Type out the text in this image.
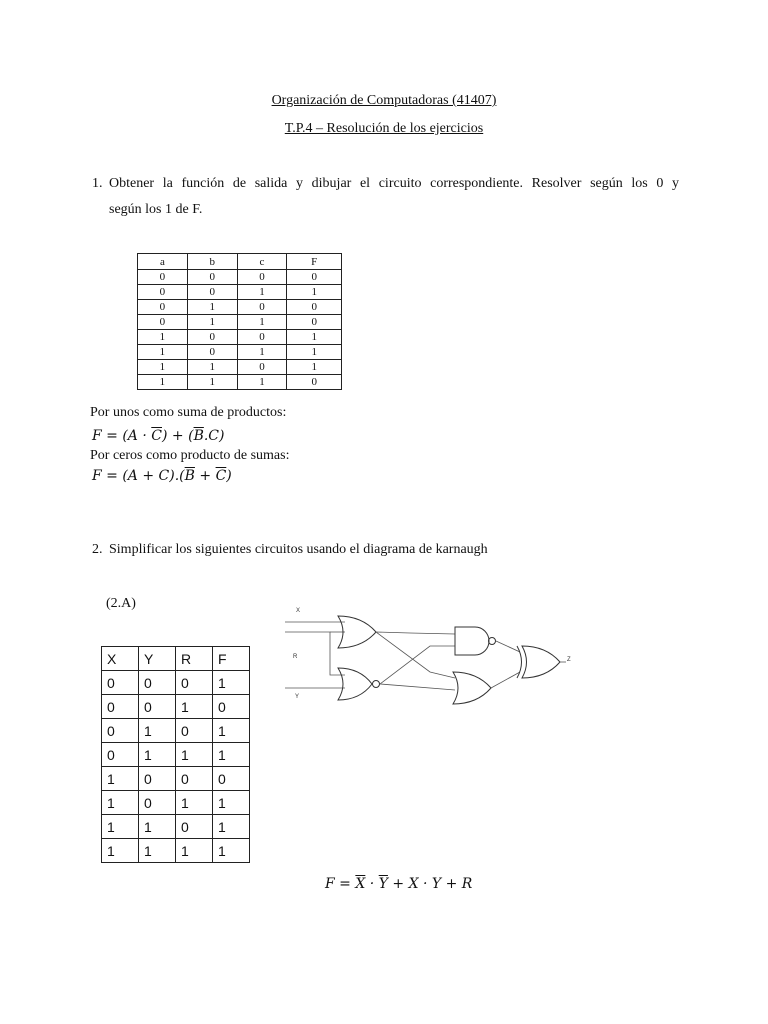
Organización de Computadoras (41407)
T.P.4 – Resolución de los ejercicios
1. Obtener la función de salida y dibujar el circuito correspondiente. Resolver según los 0 y
según los 1 de F.
a	b	c	F
0	0	0	0
0	0	1	1
0	1	0	0
0	1	1	0
1	0	0	1
1	0	1	1
1	1	0	1
1	1	1	0
Por unos como suma de productos:
$F = (A \cdot \overline{C}) + (\overline{B}.C)$
Por ceros como producto de sumas:
$F = (A + C).(\overline{B} + \overline{C})$
2. Simplificar los siguientes circuitos usando el diagrama de karnaugh
(2.A)
X	Y	R	F
0	0	0	1
0	0	1	0
0	1	0	1
0	1	1	1
1	0	0	0
1	0	1	1
1	1	0	1
1	1	1	1
X
R
Y
Z
$F = \overline{X} \cdot \overline{Y} + X \cdot Y + R$
